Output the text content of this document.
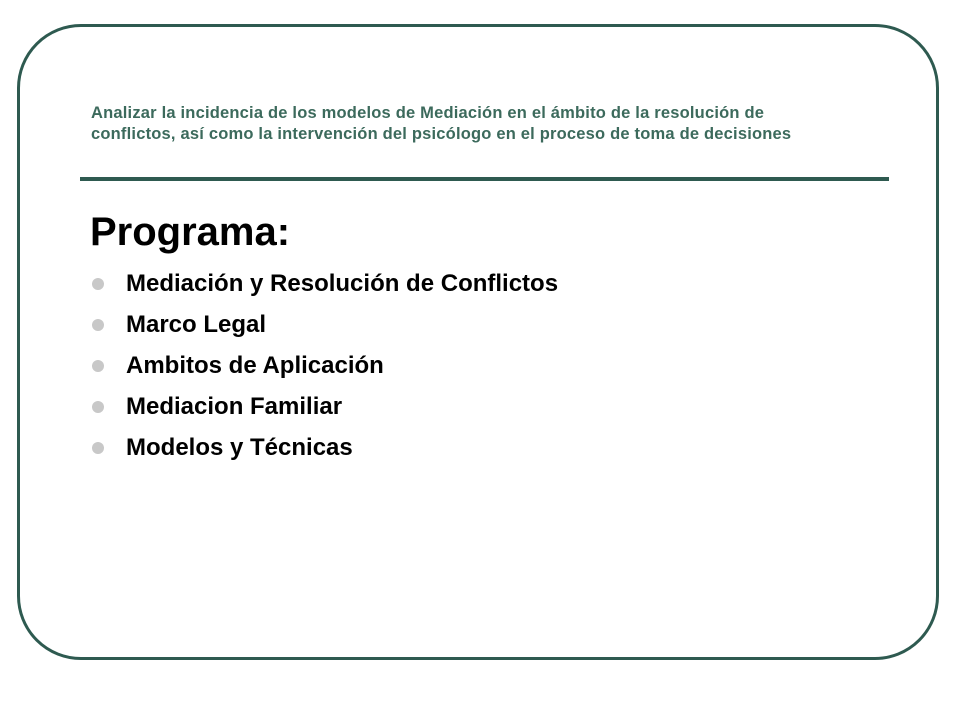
Analizar la incidencia de los modelos de Mediación en el ámbito de la resolución de conflictos, así como la intervención del psicólogo en el proceso de toma de decisiones

Programa:
Mediación y Resolución de Conflictos
Marco Legal
Ambitos de Aplicación
Mediacion Familiar
Modelos y Técnicas
